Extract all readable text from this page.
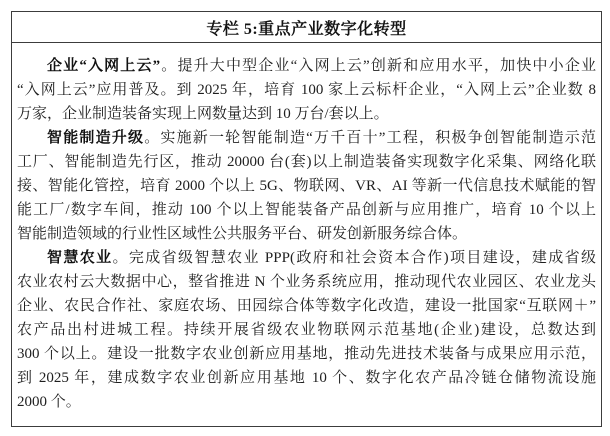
专栏 5:重点产业数字化转型
企业“入网上云”。提升大中型企业“入网上云”创新和应用水平，加快中小企业
“入网上云”应用普及。到 2025 年，培育 100 家上云标杆企业，“入网上云”企业数 8
万家，企业制造装备实现上网数量达到 10 万台/套以上。
智能制造升级。实施新一轮智能制造“万千百十”工程，积极争创智能制造示范
工厂、智能制造先行区，推动 20000 台(套)以上制造装备实现数字化采集、网络化联
接、智能化管控，培育 2000 个以上 5G、物联网、VR、AI 等新一代信息技术赋能的智
能工厂/数字车间，推动 100 个以上智能装备产品创新与应用推广，培育 10 个以上
智能制造领域的行业性区域性公共服务平台、研发创新服务综合体。
智慧农业。完成省级智慧农业 PPP(政府和社会资本合作)项目建设，建成省级
农业农村云大数据中心，整省推进 N 个业务系统应用，推动现代农业园区、农业龙头
企业、农民合作社、家庭农场、田园综合体等数字化改造，建设一批国家“互联网＋”
农产品出村进城工程。持续开展省级农业物联网示范基地(企业)建设，总数达到
300 个以上。建设一批数字农业创新应用基地，推动先进技术装备与成果应用示范，
到 2025 年，建成数字农业创新应用基地 10 个、数字化农产品冷链仓储物流设施
2000 个。
